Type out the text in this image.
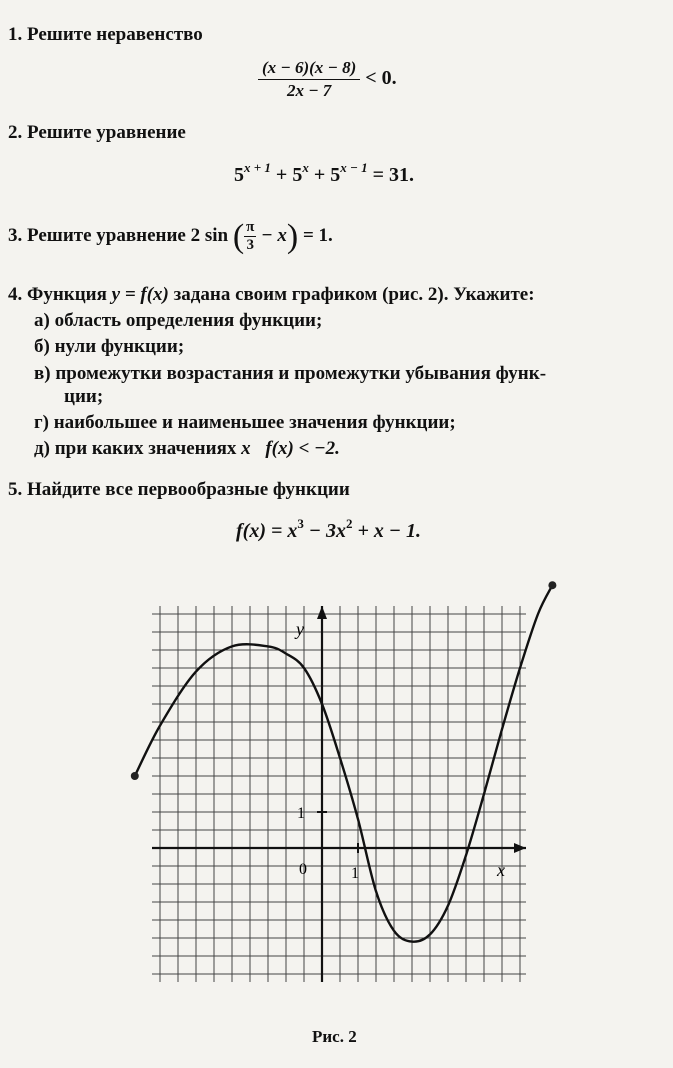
1. Решите неравенство
$\frac{(x - 6)(x - 8)}{2x - 7} < 0$.
2. Решите уравнение
$5^{x + 1} + 5^x + 5^{x - 1} = 31$.
3. Решите уравнение 2 sin ( $\frac{\pi}{3} - x) = 1$.
4. Функция y = f(x) задана своим графиком (рис. 2). Укажите:
а) область определения функции;
б) нули функции;
в) промежутки возрастания и промежутки убывания функ-
ции;
г) наибольшее и наименьшее значения функции;
д) при каких значениях x f(x) < −2.
5. Найдите все первообразные функции
$f(x) = x^3 - 3x^2 + x - 1$.
y
x
1
1
0
Рис. 2
